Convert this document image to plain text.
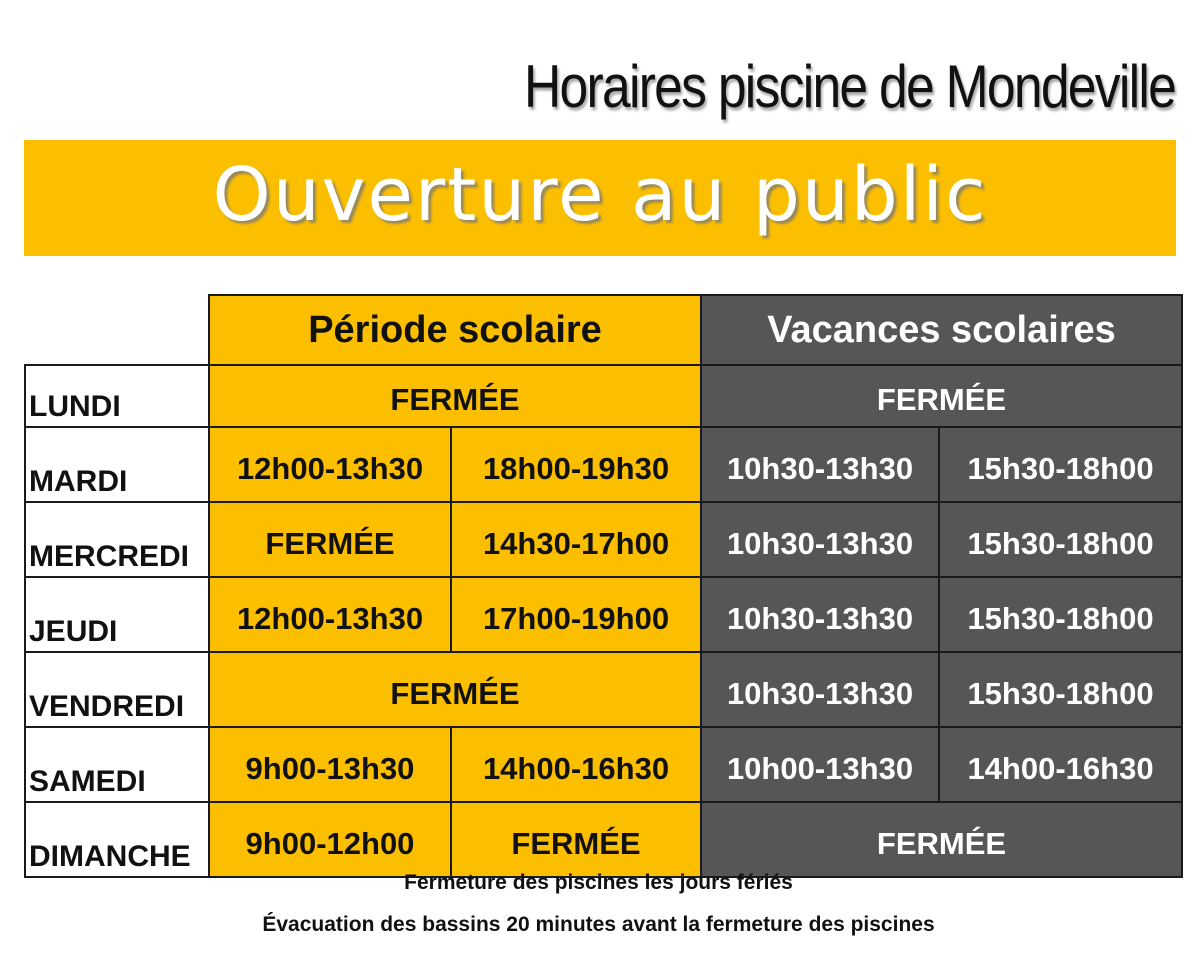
Horaires piscine de Mondeville
Ouverture au public
	Période scolaire		Vacances scolaires	
LUNDI	FERMÉE		FERMÉE	
MARDI	12h00-13h30	18h00-19h30	10h30-13h30	15h30-18h00
MERCREDI	FERMÉE	14h30-17h00	10h30-13h30	15h30-18h00
JEUDI	12h00-13h30	17h00-19h00	10h30-13h30	15h30-18h00
VENDREDI	FERMÉE		10h30-13h30	15h30-18h00
SAMEDI	9h00-13h30	14h00-16h30	10h00-13h30	14h00-16h30
DIMANCHE	9h00-12h00	FERMÉE	FERMÉE	
Fermeture des piscines les jours fériés
Évacuation des bassins 20 minutes avant la fermeture des piscines
